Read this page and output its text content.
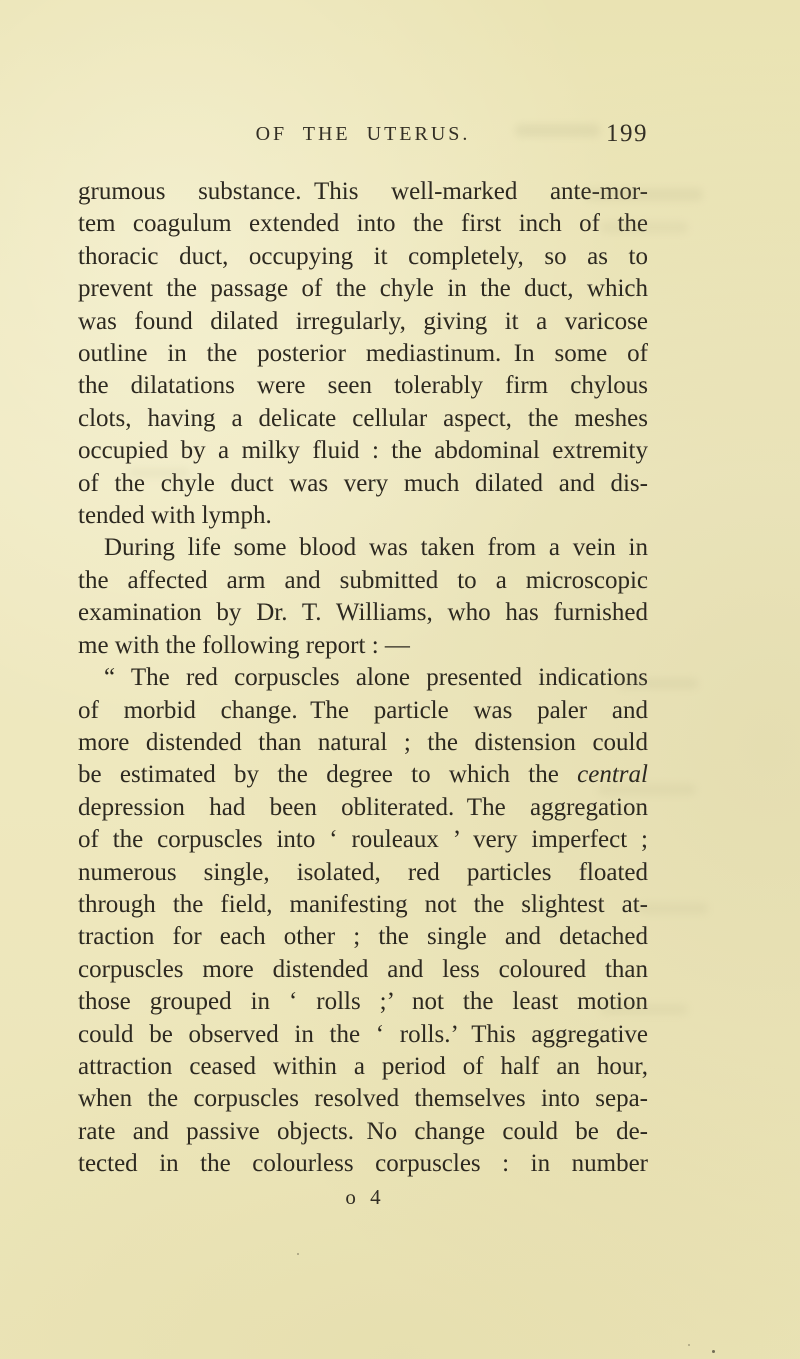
OF THE UTERUS.	199
grumous substance. This well-marked ante-mor-
tem coagulum extended into the first inch of the
thoracic duct, occupying it completely, so as to
prevent the passage of the chyle in the duct, which
was found dilated irregularly, giving it a varicose
outline in the posterior mediastinum. In some of
the dilatations were seen tolerably firm chylous
clots, having a delicate cellular aspect, the meshes
occupied by a milky fluid : the abdominal extremity
of the chyle duct was very much dilated and dis-
tended with lymph.
During life some blood was taken from a vein in
the affected arm and submitted to a microscopic
examination by Dr. T. Williams, who has furnished
me with the following report : —
“ The red corpuscles alone presented indications
of morbid change. The particle was paler and
more distended than natural ; the distension could
be estimated by the degree to which the central
depression had been obliterated. The aggregation
of the corpuscles into ‘ rouleaux ’ very imperfect ;
numerous single, isolated, red particles floated
through the field, manifesting not the slightest at-
traction for each other ; the single and detached
corpuscles more distended and less coloured than
those grouped in ‘ rolls ;’ not the least motion
could be observed in the ‘ rolls.’ This aggregative
attraction ceased within a period of half an hour,
when the corpuscles resolved themselves into sepa-
rate and passive objects. No change could be de-
tected in the colourless corpuscles : in number
o 4
